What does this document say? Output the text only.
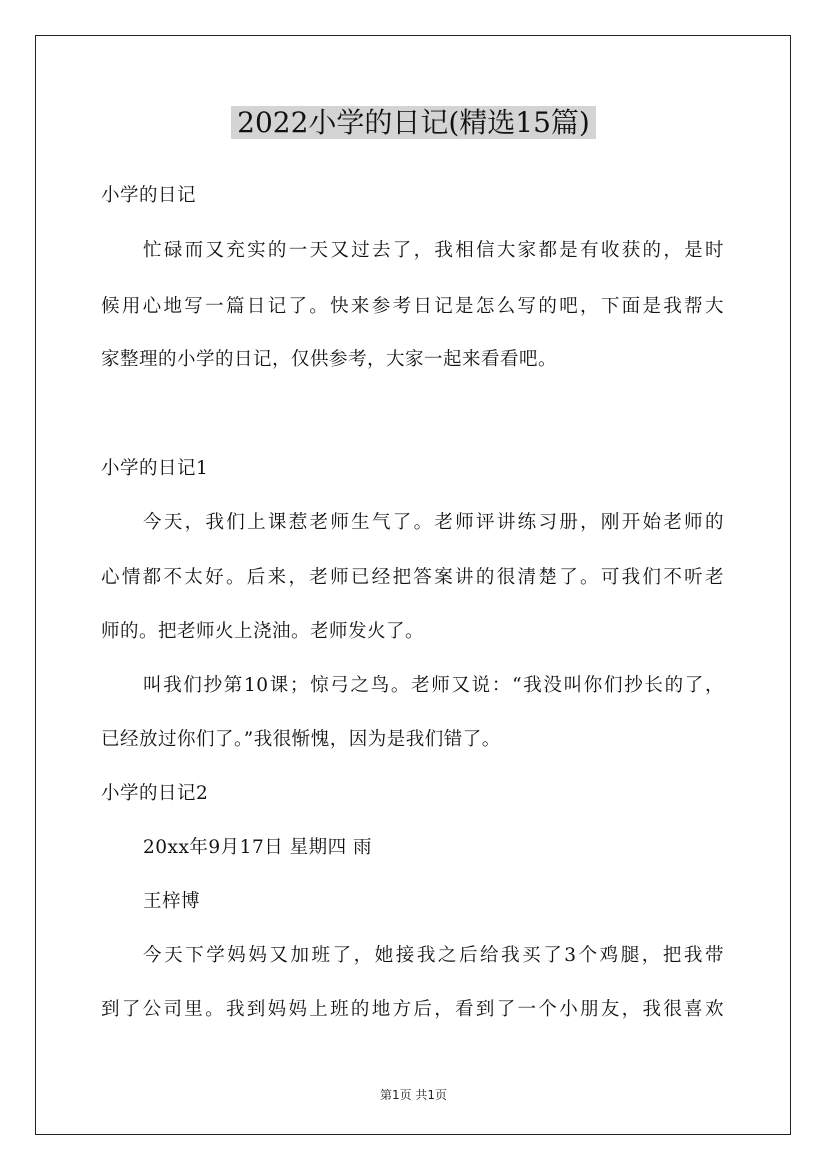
2022小学的日记(精选15篇)
小学的日记
忙碌而又充实的一天又过去了，我相信大家都是有收获的，是时
候用心地写一篇日记了。快来参考日记是怎么写的吧，下面是我帮大
家整理的小学的日记，仅供参考，大家一起来看看吧。
小学的日记1
今天，我们上课惹老师生气了。老师评讲练习册，刚开始老师的
心情都不太好。后来，老师已经把答案讲的很清楚了。可我们不听老
师的。把老师火上浇油。老师发火了。
叫我们抄第10课；惊弓之鸟。老师又说：“我没叫你们抄长的了，
已经放过你们了。”我很惭愧，因为是我们错了。
小学的日记2
20xx年9月17日 星期四 雨
王梓博
今天下学妈妈又加班了，她接我之后给我买了3个鸡腿，把我带
到了公司里。我到妈妈上班的地方后，看到了一个小朋友，我很喜欢
第1页 共1页
